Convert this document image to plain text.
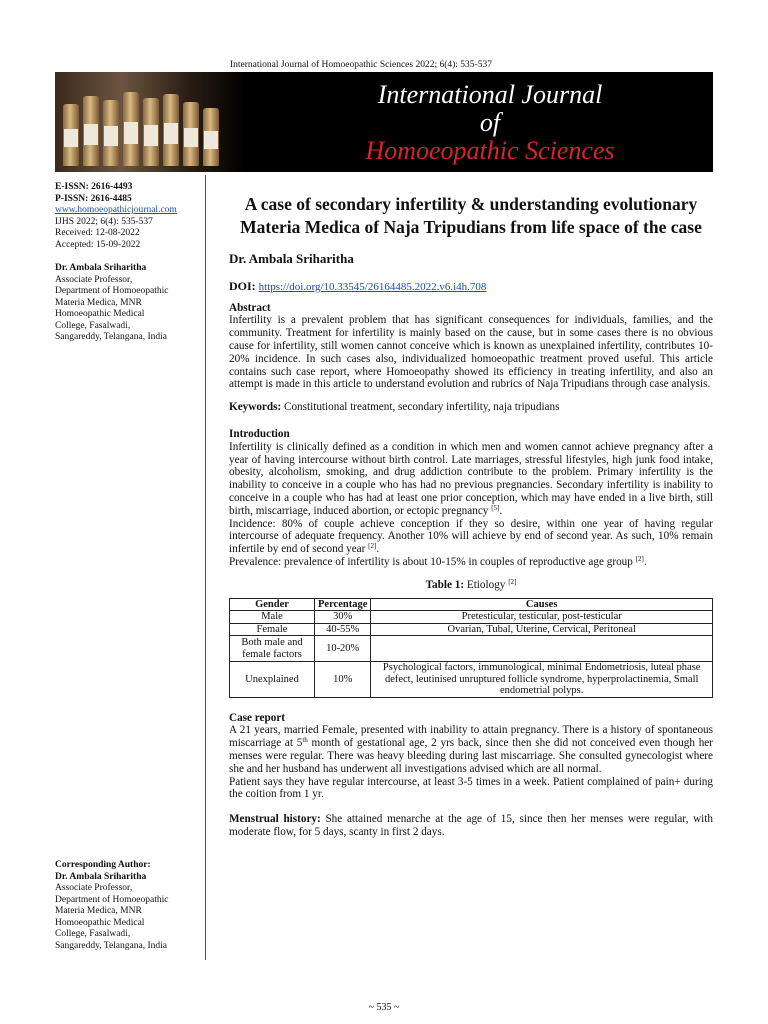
International Journal of Homoeopathic Sciences 2022; 6(4): 535-537
International Journal
of
Homoeopathic Sciences
E-ISSN: 2616-4493
P-ISSN: 2616-4485
www.homoeopathicjournal.com
IJHS 2022; 6(4): 535-537
Received: 12-08-2022
Accepted: 15-09-2022
Dr. Ambala Sriharitha
Associate Professor,
Department of Homoeopathic
Materia Medica, MNR
Homoeopathic Medical
College, Fasalwadi,
Sangareddy, Telangana, India
Corresponding Author:
Dr. Ambala Sriharitha
Associate Professor,
Department of Homoeopathic
Materia Medica, MNR
Homoeopathic Medical
College, Fasalwadi,
Sangareddy, Telangana, India
A case of secondary infertility & understanding evolutionary Materia Medica of Naja Tripudians from life space of the case
Dr. Ambala Sriharitha
DOI: https://doi.org/10.33545/26164485.2022.v6.i4h.708
Abstract

Infertility is a prevalent problem that has significant consequences for individuals, families, and the community. Treatment for infertility is mainly based on the cause, but in some cases there is no obvious cause for infertility, still women cannot conceive which is known as unexplained infertility, contributes 10-20% incidence. In such cases also, individualized homoeopathic treatment proved useful. This article contains such case report, where Homoeopathy showed its efficiency in treating infertility, and also an attempt is made in this article to understand evolution and rubrics of Naja Tripudians through case analysis.

Keywords: Constitutional treatment, secondary infertility, naja tripudians

Introduction

Infertility is clinically defined as a condition in which men and women cannot achieve pregnancy after a year of having intercourse without birth control. Late marriages, stressful lifestyles, high junk food intake, obesity, alcoholism, smoking, and drug addiction contribute to the problem. Primary infertility is the inability to conceive in a couple who has had no previous pregnancies. Secondary infertility is inability to conceive in a couple who has had at least one prior conception, which may have ended in a live birth, still birth, miscarriage, induced abortion, or ectopic pregnancy [5].

Incidence: 80% of couple achieve conception if they so desire, within one year of having regular intercourse of adequate frequency. Another 10% will achieve by end of second year. As such, 10% remain infertile by end of second year [2].

Prevalence: prevalence of infertility is about 10-15% in couples of reproductive age group [2].

Table 1: Etiology [2]
Gender	Percentage	Causes
Male	30%	Pretesticular, testicular, post-testicular
Female	40-55%	Ovarian, Tubal, Uterine, Cervical, Peritoneal
Both male and female factors	10-20%	
Unexplained	10%	Psychological factors, immunological, minimal Endometriosis, luteal phase defect, leutinised unruptured follicle syndrome, hyperprolactinemia, Small endometrial polyps.
Case report

A 21 years, married Female, presented with inability to attain pregnancy. There is a history of spontaneous miscarriage at 5th month of gestational age, 2 yrs back, since then she did not conceived even though her menses were regular. There was heavy bleeding during last miscarriage. She consulted gynecologist where she and her husband has underwent all investigations advised which are all normal.

Patient says they have regular intercourse, at least 3-5 times in a week. Patient complained of pain+ during the coition from 1 yr.

Menstrual history: She attained menarche at the age of 15, since then her menses were regular, with moderate flow, for 5 days, scanty in first 2 days.

~ 535 ~
